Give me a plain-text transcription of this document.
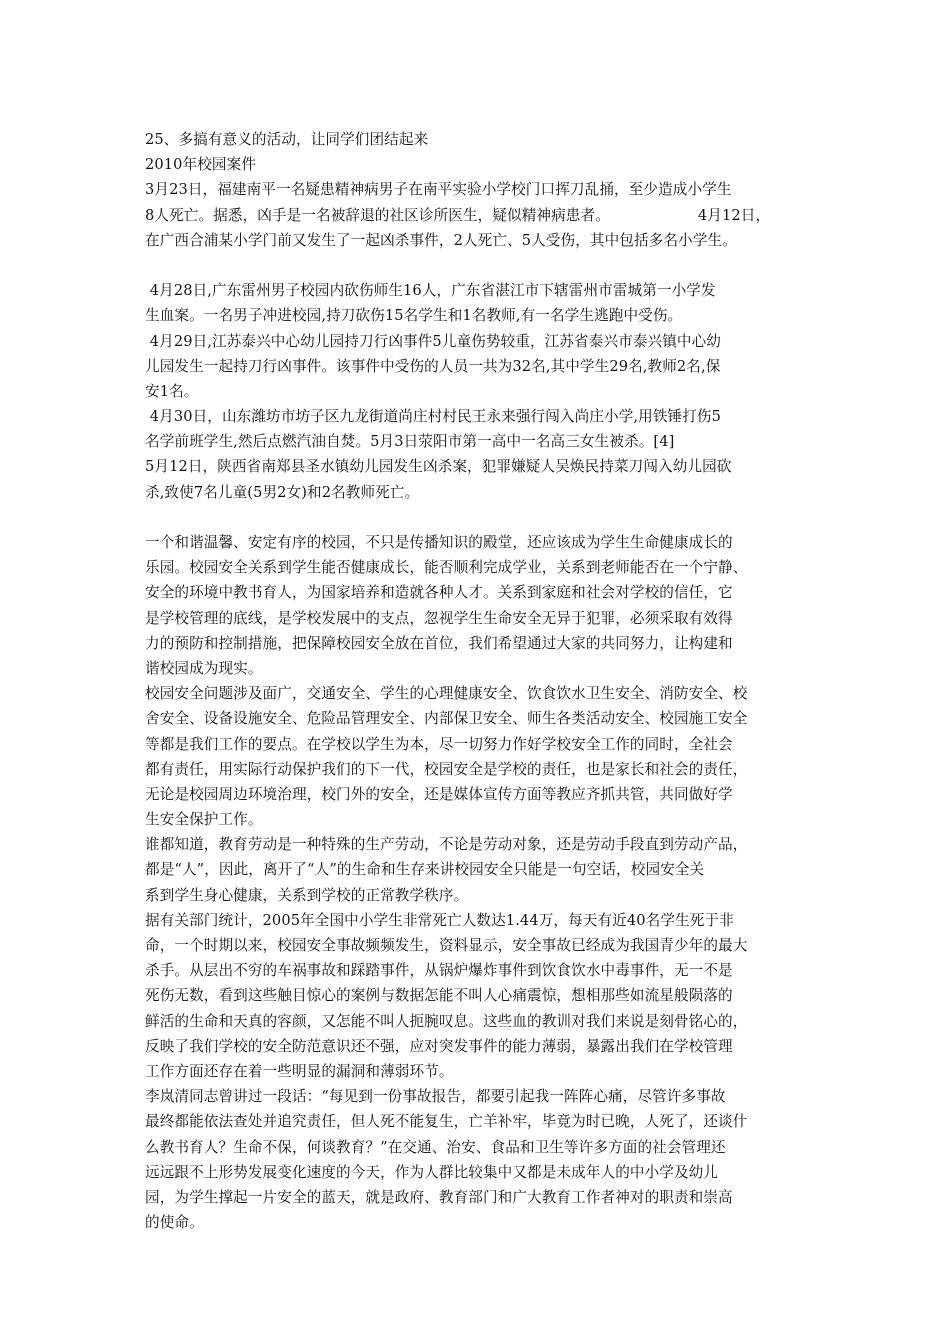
25、多搞有意义的活动，让同学们团结起来
2010年校园案件
3月23日，福建南平一名疑患精神病男子在南平实验小学校门口挥刀乱捅，至少造成小学生
8人死亡。据悉，凶手是一名被辞退的社区诊所医生，疑似精神病患者。	4月12日，
在广西合浦某小学门前又发生了一起凶杀事件，2人死亡、5人受伤，其中包括多名小学生。
4月28日,广东雷州男子校园内砍伤师生16人，广东省湛江市下辖雷州市雷城第一小学发
生血案。一名男子冲进校园,持刀砍伤15名学生和1名教师,有一名学生逃跑中受伤。
4月29日,江苏泰兴中心幼儿园持刀行凶事件5儿童伤势较重，江苏省泰兴市泰兴镇中心幼
儿园发生一起持刀行凶事件。该事件中受伤的人员一共为32名,其中学生29名,教师2名,保
安1名。
4月30日，山东潍坊市坊子区九龙街道尚庄村村民王永来强行闯入尚庄小学,用铁锤打伤5
名学前班学生,然后点燃汽油自焚。5月3日荥阳市第一高中一名高三女生被杀。[4]
5月12日，陕西省南郑县圣水镇幼儿园发生凶杀案，犯罪嫌疑人吴焕民持菜刀闯入幼儿园砍
杀,致使7名儿童(5男2女)和2名教师死亡。
一个和谐温馨、安定有序的校园，不只是传播知识的殿堂，还应该成为学生生命健康成长的
乐园。校园安全关系到学生能否健康成长，能否顺利完成学业，关系到老师能否在一个宁静、
安全的环境中教书育人，为国家培养和造就各种人才。关系到家庭和社会对学校的信任，它
是学校管理的底线，是学校发展中的支点，忽视学生生命安全无异于犯罪，必须采取有效得
力的预防和控制措施，把保障校园安全放在首位，我们希望通过大家的共同努力，让构建和
谐校园成为现实。
校园安全问题涉及面广，交通安全、学生的心理健康安全、饮食饮水卫生安全、消防安全、校
舍安全、设备设施安全、危险品管理安全、内部保卫安全、师生各类活动安全、校园施工安全
等都是我们工作的要点。在学校以学生为本，尽一切努力作好学校安全工作的同时，全社会
都有责任，用实际行动保护我们的下一代，校园安全是学校的责任，也是家长和社会的责任，
无论是校园周边环境治理，校门外的安全，还是媒体宣传方面等教应齐抓共管，共同做好学
生安全保护工作。
谁都知道，教育劳动是一种特殊的生产劳动，不论是劳动对象，还是劳动手段直到劳动产品，
都是“人”，因此，离开了“人”的生命和生存来讲校园安全只能是一句空话，校园安全关
系到学生身心健康，关系到学校的正常教学秩序。
据有关部门统计，2005年全国中小学生非常死亡人数达1.44万，每天有近40名学生死于非
命，一个时期以来，校园安全事故频频发生，资料显示，安全事故已经成为我国青少年的最大
杀手。从层出不穷的车祸事故和踩踏事件，从锅炉爆炸事件到饮食饮水中毒事件，无一不是
死伤无数，看到这些触目惊心的案例与数据怎能不叫人心痛震惊，想相那些如流星般陨落的
鲜活的生命和天真的容颜，又怎能不叫人扼腕叹息。这些血的教训对我们来说是刻骨铭心的，
反映了我们学校的安全防范意识还不强，应对突发事件的能力薄弱，暴露出我们在学校管理
工作方面还存在着一些明显的漏洞和薄弱环节。
李岚清同志曾讲过一段话：“每见到一份事故报告，都要引起我一阵阵心痛，尽管许多事故
最终都能依法查处并追究责任，但人死不能复生，亡羊补牢，毕竟为时已晚，人死了，还谈什
么教书育人？生命不保，何谈教育？”在交通、治安、食品和卫生等许多方面的社会管理还
远远跟不上形势发展变化速度的今天，作为人群比较集中又都是未成年人的中小学及幼儿
园，为学生撑起一片安全的蓝天，就是政府、教育部门和广大教育工作者神对的职责和崇高
的使命。
